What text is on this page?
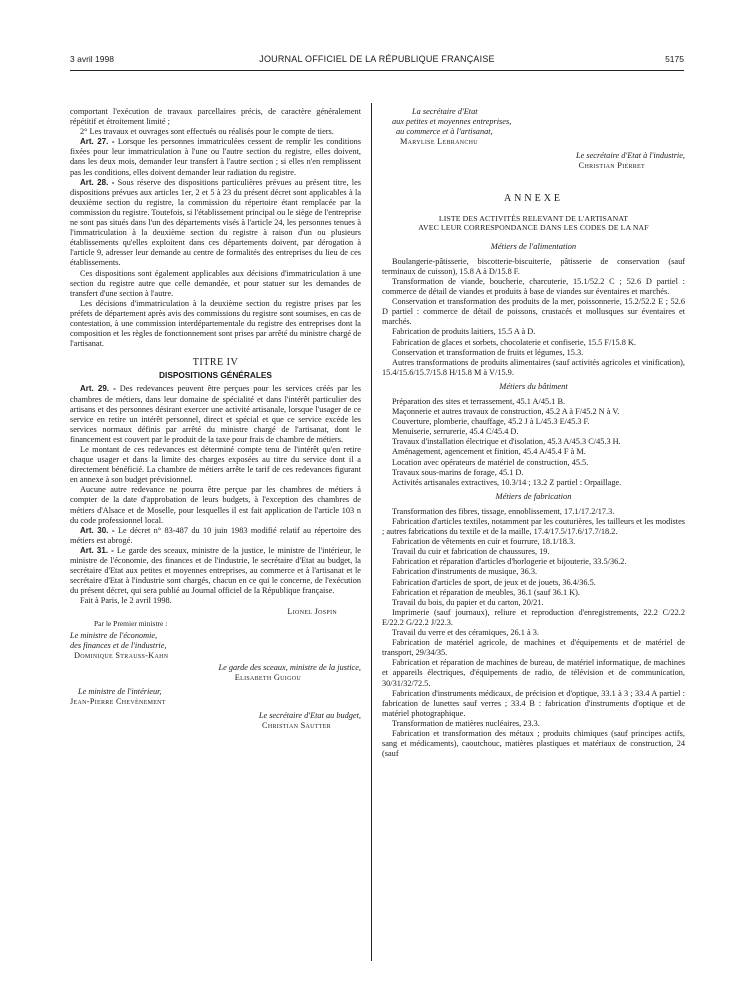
3 avril 1998	JOURNAL OFFICIEL DE LA RÉPUBLIQUE FRANÇAISE	5175

comportant l'exécution de travaux parcellaires précis, de caractère généralement répétitif et étroitement limité ;

2° Les travaux et ouvrages sont effectués ou réalisés pour le compte de tiers.

Art. 27. - Lorsque les personnes immatriculées cessent de remplir les conditions fixées pour leur immatriculation à l'une ou l'autre section du registre, elles doivent, dans les deux mois, demander leur transfert à l'autre section ; si elles n'en remplissent pas les conditions, elles doivent demander leur radiation du registre.

Art. 28. - Sous réserve des dispositions particulières prévues au présent titre, les dispositions prévues aux articles 1er, 2 et 5 à 23 du présent décret sont applicables à la deuxième section du registre, la commission du répertoire étant remplacée par la commission du registre. Toutefois, si l'établissement principal ou le siège de l'entreprise ne sont pas situés dans l'un des départements visés à l'article 24, les personnes tenues à l'immatriculation à la deuxième section du registre à raison d'un ou plusieurs établissements qu'elles exploitent dans ces départements doivent, par dérogation à l'article 9, adresser leur demande au centre de formalités des entreprises du lieu de ces établissements.

Ces dispositions sont également applicables aux décisions d'immatriculation à une section du registre autre que celle demandée, et pour statuer sur les demandes de transfert d'une section à l'autre.

Les décisions d'immatriculation à la deuxième section du registre prises par les préfets de département après avis des commissions du registre sont soumises, en cas de contestation, à une commission interdépartementale du registre des entreprises dont la composition et les règles de fonctionnement sont prises par arrêté du ministre chargé de l'artisanat.

TITRE IV
DISPOSITIONS GÉNÉRALES

Art. 29. - Des redevances peuvent être perçues pour les services créés par les chambres de métiers, dans leur domaine de spécialité et dans l'intérêt particulier des artisans et des personnes désirant exercer une activité artisanale, lorsque l'usager de ce service en retire un intérêt personnel, direct et spécial et que ce service excède les services normaux définis par arrêté du ministre chargé de l'artisanat, dont le financement est couvert par le produit de la taxe pour frais de chambre de métiers.

Le montant de ces redevances est déterminé compte tenu de l'intérêt qu'en retire chaque usager et dans la limite des charges exposées au titre du service dont il a directement bénéficié. La chambre de métiers arrête le tarif de ces redevances figurant en annexe à son budget prévisionnel.

Aucune autre redevance ne pourra être perçue par les chambres de métiers à compter de la date d'approbation de leurs budgets, à l'exception des chambres de métiers d'Alsace et de Moselle, pour lesquelles il est fait application de l'article 103 n du code professionnel local.

Art. 30. - Le décret n° 83-487 du 10 juin 1983 modifié relatif au répertoire des métiers est abrogé.

Art. 31. - Le garde des sceaux, ministre de la justice, le ministre de l'intérieur, le ministre de l'économie, des finances et de l'industrie, le secrétaire d'Etat au budget, la secrétaire d'Etat aux petites et moyennes entreprises, au commerce et à l'artisanat et le secrétaire d'Etat à l'industrie sont chargés, chacun en ce qui le concerne, de l'exécution du présent décret, qui sera publié au Journal officiel de la République française.

Fait à Paris, le 2 avril 1998.

Lionel Jospin
Par le Premier ministre :
Le ministre de l'économie,
des finances et de l'industrie,
Dominique Strauss-Kahn
Le garde des sceaux, ministre de la justice,
Elisabeth Guigou
Le ministre de l'intérieur,
Jean-Pierre Chevènement
Le secrétaire d'Etat au budget,
Christian Sautter
La secrétaire d'Etat
aux petites et moyennes entreprises,
au commerce et à l'artisanat,
Marylise Lebranchu
Le secrétaire d'Etat à l'industrie,
Christian Pierret
ANNEXE
LISTE DES ACTIVITÉS RELEVANT DE L'ARTISANAT
AVEC LEUR CORRESPONDANCE DANS LES CODES DE LA NAF
Métiers de l'alimentation

Boulangerie-pâtisserie, biscotterie-biscuiterie, pâtisserie de conservation (sauf terminaux de cuisson), 15.8 A à D/15.8 F.

Transformation de viande, boucherie, charcuterie, 15.1/52.2 C ; 52.6 D partiel : commerce de détail de viandes et produits à base de viandes sur éventaires et marchés.

Conservation et transformation des produits de la mer, poissonnerie, 15.2/52.2 E ; 52.6 D partiel : commerce de détail de poissons, crustacés et mollusques sur éventaires et marchés.

Fabrication de produits laitiers, 15.5 A à D.

Fabrication de glaces et sorbets, chocolaterie et confiserie, 15.5 F/15.8 K.

Conservation et transformation de fruits et légumes, 15.3.

Autres transformations de produits alimentaires (sauf activités agricoles et vinification), 15.4/15.6/15.7/15.8 H/15.8 M à V/15.9.

Métiers du bâtiment

Préparation des sites et terrassement, 45.1 A/45.1 B.

Maçonnerie et autres travaux de construction, 45.2 A à F/45.2 N à V.

Couverture, plomberie, chauffage, 45.2 J à L/45.3 E/45.3 F.

Menuiserie, serrurerie, 45.4 C/45.4 D.

Travaux d'installation électrique et d'isolation, 45.3 A/45.3 C/45.3 H.

Aménagement, agencement et finition, 45.4 A/45.4 F à M.

Location avec opérateurs de matériel de construction, 45.5.

Travaux sous-marins de forage, 45.1 D.

Activités artisanales extractives, 10.3/14 ; 13.2 Z partiel : Orpaillage.

Métiers de fabrication

Transformation des fibres, tissage, ennoblissement, 17.1/17.2/17.3.

Fabrication d'articles textiles, notamment par les couturières, les tailleurs et les modistes ; autres fabrications du textile et de la maille, 17.4/17.5/17.6/17.7/18.2.

Fabrication de vêtements en cuir et fourrure, 18.1/18.3.

Travail du cuir et fabrication de chaussures, 19.

Fabrication et réparation d'articles d'horlogerie et bijouterie, 33.5/36.2.

Fabrication d'instruments de musique, 36.3.

Fabrication d'articles de sport, de jeux et de jouets, 36.4/36.5.

Fabrication et réparation de meubles, 36.1 (sauf 36.1 K).

Travail du bois, du papier et du carton, 20/21.

Imprimerie (sauf journaux), reliure et reproduction d'enregistrements, 22.2 C/22.2 E/22.2 G/22.2 J/22.3.

Travail du verre et des céramiques, 26.1 à 3.

Fabrication de matériel agricole, de machines et d'équipements et de matériel de transport, 29/34/35.

Fabrication et réparation de machines de bureau, de matériel informatique, de machines et appareils électriques, d'équipements de radio, de télévision et de communication, 30/31/32/72.5.

Fabrication d'instruments médicaux, de précision et d'optique, 33.1 à 3 ; 33.4 A partiel : fabrication de lunettes sauf verres ; 33.4 B : fabrication d'instruments d'optique et de matériel photographique.

Transformation de matières nucléaires, 23.3.

Fabrication et transformation des métaux ; produits chimiques (sauf principes actifs, sang et médicaments), caoutchouc, matières plastiques et matériaux de construction, 24 (sauf
